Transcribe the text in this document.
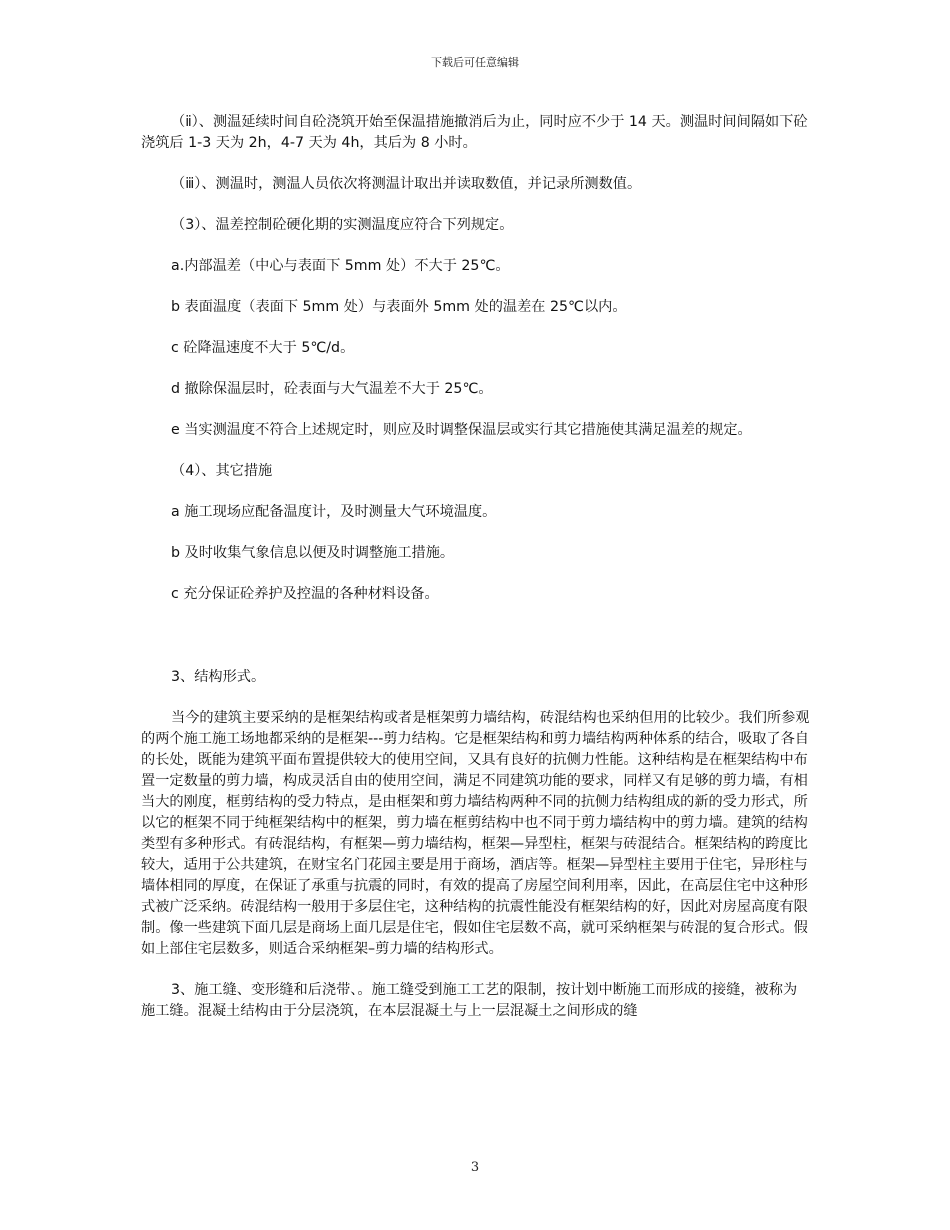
下载后可任意编辑

（ⅱ）、测温延续时间自砼浇筑开始至保温措施撤消后为止，同时应不少于 14 天。测温时间间隔如下砼浇筑后 1-3 天为 2h，4-7 天为 4h，其后为 8 小时。

（ⅲ）、测温时，测温人员依次将测温计取出并读取数值，并记录所测数值。

（3）、温差控制砼硬化期的实测温度应符合下列规定。

a.内部温差（中心与表面下 5mm 处）不大于 25℃。

b 表面温度（表面下 5mm 处）与表面外 5mm 处的温差在 25℃以内。

c 砼降温速度不大于 5℃/d。

d 撤除保温层时，砼表面与大气温差不大于 25℃。

e 当实测温度不符合上述规定时，则应及时调整保温层或实行其它措施使其满足温差的规定。

（4）、其它措施

a 施工现场应配备温度计，及时测量大气环境温度。

b 及时收集气象信息以便及时调整施工措施。

c 充分保证砼养护及控温的各种材料设备。

3、结构形式。

当今的建筑主要采纳的是框架结构或者是框架剪力墙结构，砖混结构也采纳但用的比较少。我们所参观的两个施工施工场地都采纳的是框架---剪力结构。它是框架结构和剪力墙结构两种体系的结合，吸取了各自的长处，既能为建筑平面布置提供较大的使用空间，又具有良好的抗侧力性能。这种结构是在框架结构中布置一定数量的剪力墙，构成灵活自由的使用空间，满足不同建筑功能的要求，同样又有足够的剪力墙，有相当大的刚度，框剪结构的受力特点，是由框架和剪力墙结构两种不同的抗侧力结构组成的新的受力形式，所以它的框架不同于纯框架结构中的框架，剪力墙在框剪结构中也不同于剪力墙结构中的剪力墙。建筑的结构类型有多种形式。有砖混结构，有框架—剪力墙结构，框架—异型柱，框架与砖混结合。框架结构的跨度比较大，适用于公共建筑，在财宝名门花园主要是用于商场，酒店等。框架—异型柱主要用于住宅，异形柱与墙体相同的厚度，在保证了承重与抗震的同时，有效的提高了房屋空间利用率，因此，在高层住宅中这种形式被广泛采纳。砖混结构一般用于多层住宅，这种结构的抗震性能没有框架结构的好，因此对房屋高度有限制。像一些建筑下面几层是商场上面几层是住宅，假如住宅层数不高，就可采纳框架与砖混的复合形式。假如上部住宅层数多，则适合采纳框架–剪力墙的结构形式。

3、施工缝、变形缝和后浇带、。施工缝受到施工工艺的限制，按计划中断施工而形成的接缝，被称为施工缝。混凝土结构由于分层浇筑，在本层混凝土与上一层混凝土之间形成的缝

3
